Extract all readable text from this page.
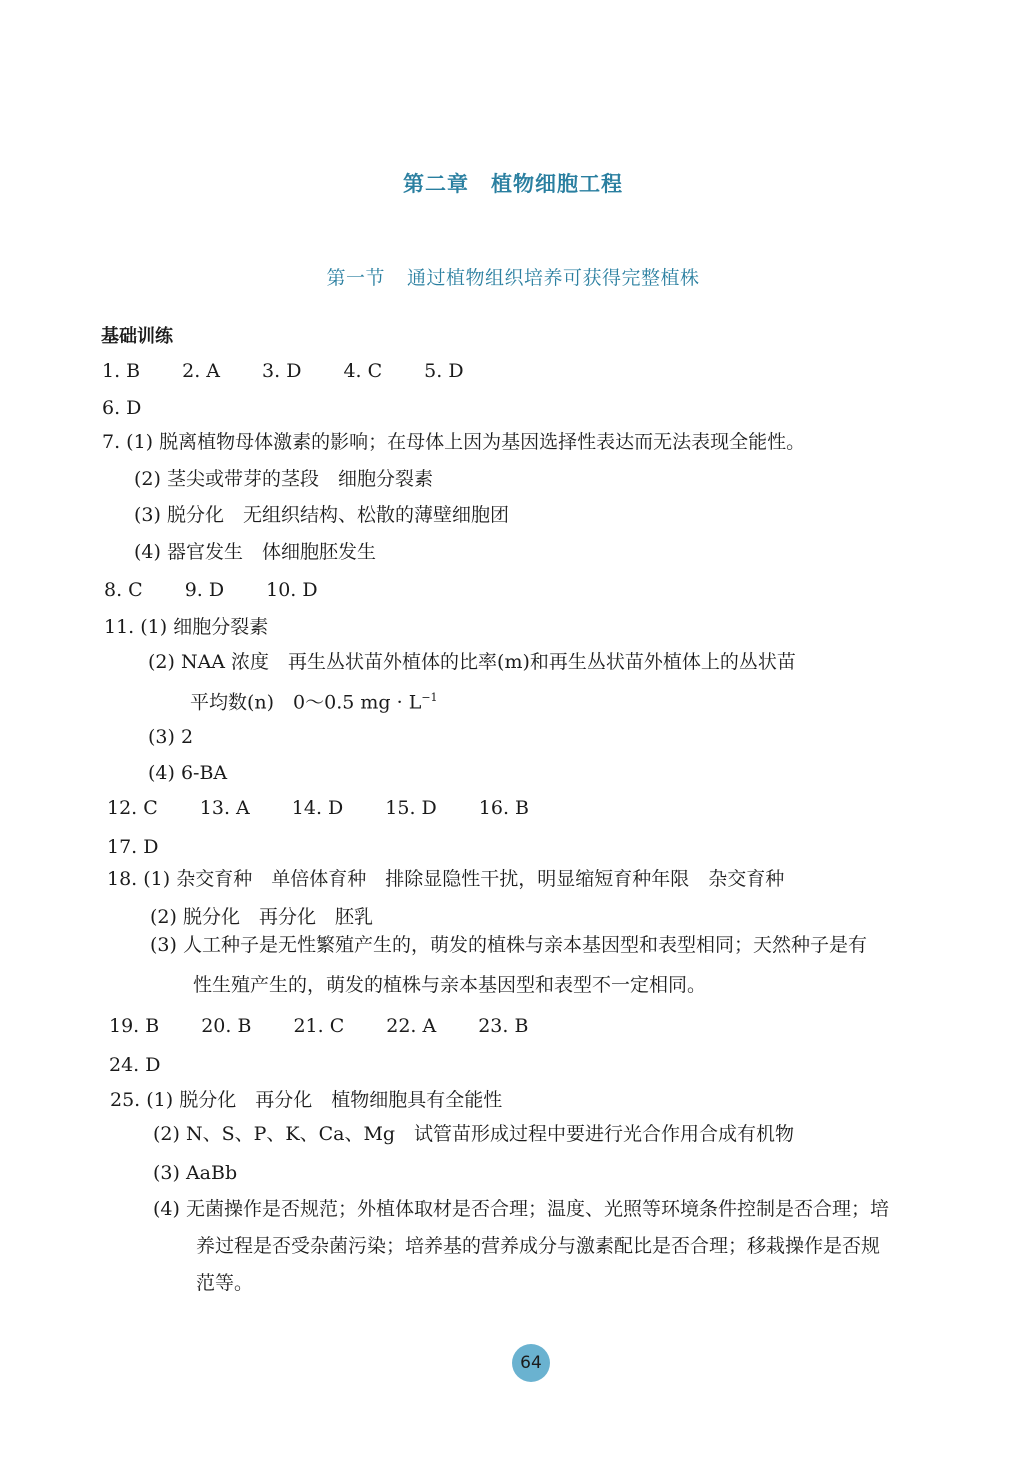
第二章　植物细胞工程
第一节 通过植物组织培养可获得完整植株
基础训练
1. B 2. A 3. D 4. C 5. D
6. D
7. (1) 脱离植物母体激素的影响；在母体上因为基因选择性表达而无法表现全能性。
(2) 茎尖或带芽的茎段　细胞分裂素
(3) 脱分化　无组织结构、松散的薄壁细胞团
(4) 器官发生　体细胞胚发生
8. C 9. D 10. D
11. (1) 细胞分裂素
(2) NAA 浓度　再生丛状苗外植体的比率(m)和再生丛状苗外植体上的丛状苗
平均数(n)　0～0.5 mg · $L^{-1}$
(3) 2
(4) 6-BA
12. C 13. A 14. D 15. D 16. B
17. D
18. (1) 杂交育种　单倍体育种　排除显隐性干扰，明显缩短育种年限　杂交育种
(2) 脱分化　再分化　胚乳
(3) 人工种子是无性繁殖产生的，萌发的植株与亲本基因型和表型相同；天然种子是有
性生殖产生的，萌发的植株与亲本基因型和表型不一定相同。
19. B 20. B 21. C 22. A 23. B
24. D
25. (1) 脱分化　再分化　植物细胞具有全能性
(2) N、S、P、K、Ca、Mg　试管苗形成过程中要进行光合作用合成有机物
(3) AaBb
(4) 无菌操作是否规范；外植体取材是否合理；温度、光照等环境条件控制是否合理；培
养过程是否受杂菌污染；培养基的营养成分与激素配比是否合理；移栽操作是否规
范等。
64
